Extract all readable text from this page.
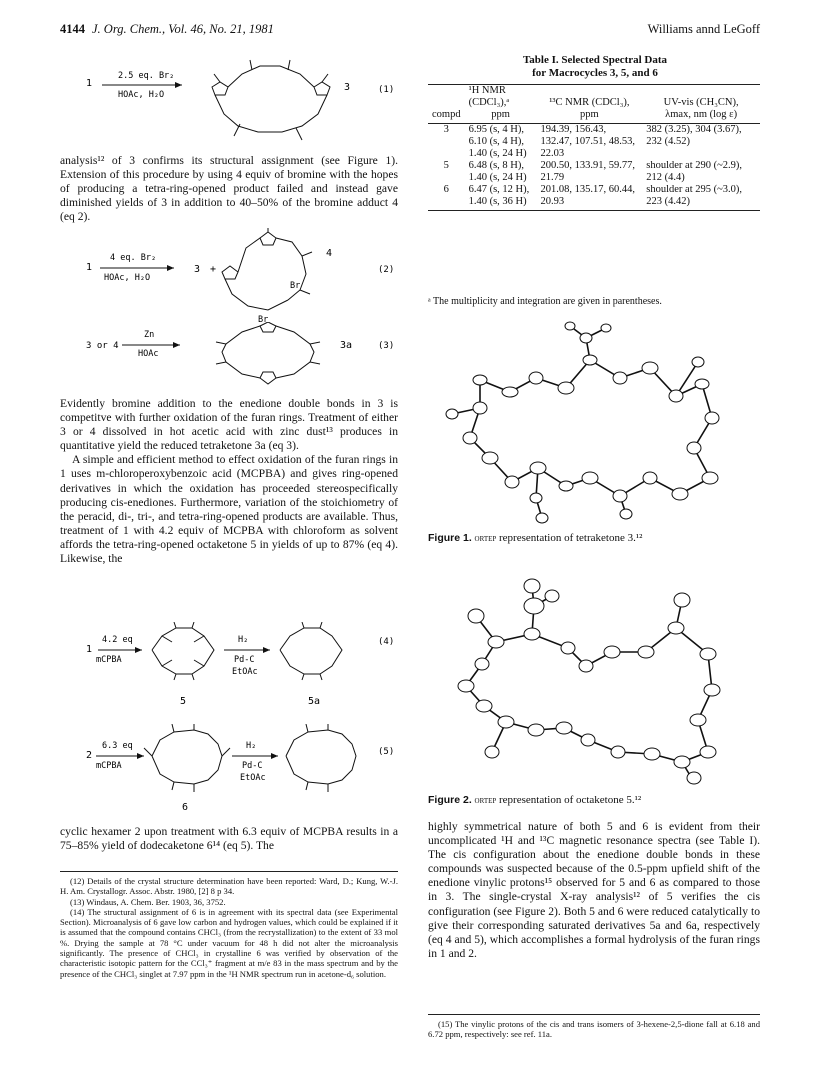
4144 J. Org. Chem., Vol. 46, No. 21, 1981	Williams annd LeGoff
1
2.5 eq. Br₂
HOAc, H₂O
3	(1)

analysis¹² of 3 confirms its structural assignment (see Figure 1). Extension of this procedure by using 4 equiv of bromine with the hopes of producing a tetra-ring-opened product failed and instead gave diminished yields of 3 in addition to 40–50% of the bromine adduct 4 (eq 2).

1
4 eq. Br₂
HOAc, H₂O
3 +
Br
Br
4
(2)
3 or 4
Zn
HOAc
3a	(3)

Evidently bromine addition to the enedione double bonds in 3 is competitve with further oxidation of the furan rings. Treatment of either 3 or 4 dissolved in hot acetic acid with zinc dust¹³ produces in quantitative yield the reduced tetraketone 3a (eq 3).

A simple and efficient method to effect oxidation of the furan rings in 1 uses m-chloroperoxybenzoic acid (MCPBA) and gives ring-opened derivatives in which the oxidation has proceeded stereospecifically producing cis-enediones. Furthermore, variation of the stoichiometry of the peracid, di-, tri-, and tetra-ring-opened products are available. Thus, treatment of 1 with 4.2 equiv of MCPBA with chloroform as solvent affords the tetra-ring-opened octaketone 5 in yields of up to 87% (eq 4). Likewise, the

1
4.2 eq
mCPBA
H₂
Pd-C
EtOAc
5	5a
(4)
2
6.3 eq
mCPBA
H₂
Pd-C
EtOAc
6
(5)

cyclic hexamer 2 upon treatment with 6.3 equiv of MCPBA results in a 75–85% yield of dodecaketone 6¹⁴ (eq 5). The

(12) Details of the crystal structure determination have been reported: Ward, D.; Kung, W.-J. H. Am. Crystallogr. Assoc. Abstr. 1980, [2] 8 p 34.

(13) Windaus, A. Chem. Ber. 1903, 36, 3752.

(14) The structural assignment of 6 is in agreement with its spectral data (see Experimental Section). Microanalysis of 6 gave low carbon and hydrogen values, which could be explained if it is assumed that the compound contains CHCl₃ (from the recrystallization) to the extent of 33 mol %. Drying the sample at 78 °C under vacuum for 48 h did not alter the microanalysis significantly. The presence of CHCl₃ in crystalline 6 was verified by observation of the characteristic isotopic pattern for the CCl₃⁺ fragment at m/e 83 in the mass spectrum and by the presence of the CHCl₃ singlet at 7.97 ppm in the ¹H NMR spectrum run in acetone-d₆ solution.

Table I. Selected Spectral Data
for Macrocycles 3, 5, and 6
	¹H NMR		
	(CDCl₃),ᵃ	¹³C NMR (CDCl₃),	UV-vis (CH₃CN),
compd	ppm	ppm	λmax, nm (log ε)
3	6.95 (s, 4 H), 6.10 (s, 4 H), 1.40 (s, 24 H)	194.39, 156.43, 132.47, 107.51, 48.53, 22.03	382 (3.25), 304 (3.67), 232 (4.52)
5	6.48 (s, 8 H), 1.40 (s, 24 H)	200.50, 133.91, 59.77, 21.79	shoulder at 290 (~2.9), 212 (4.4)
6	6.47 (s, 12 H), 1.40 (s, 36 H)	201.08, 135.17, 60.44, 20.93	shoulder at 295 (~3.0), 223 (4.42)
ᵃ The multiplicity and integration are given in parentheses.
Figure 1. ortep representation of tetraketone 3.¹²
Figure 2. ortep representation of octaketone 5.¹²

highly symmetrical nature of both 5 and 6 is evident from their uncomplicated ¹H and ¹³C magnetic resonance spectra (see Table I). The cis configuration about the enedione double bonds in these compounds was suspected because of the 0.5-ppm upfield shift of the enedione vinylic protons¹⁵ observed for 5 and 6 as compared to those in 3. The single-crystal X-ray analysis¹² of 5 verifies the cis configuration (see Figure 2). Both 5 and 6 were reduced catalytically to give their corresponding saturated derivatives 5a and 6a, respectively (eq 4 and 5), which accomplishes a formal hydrolysis of the furan rings in 1 and 2.

(15) The vinylic protons of the cis and trans isomers of 3-hexene-2,5-dione fall at 6.18 and 6.72 ppm, respectively: see ref. 11a.
